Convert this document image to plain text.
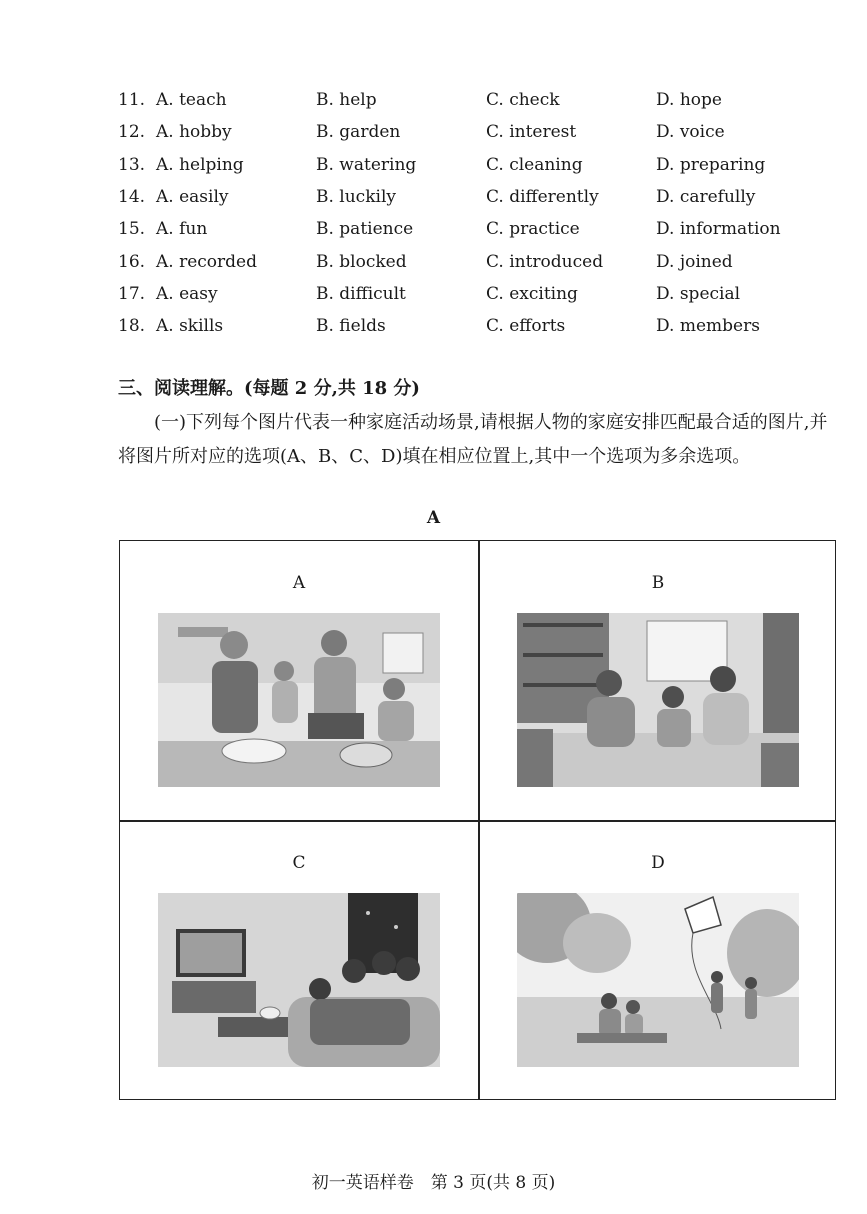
11. A. teach	B. help	C. check	D. hope
12. A. hobby	B. garden	C. interest	D. voice
13. A. helping	B. watering	C. cleaning	D. preparing
14. A. easily	B. luckily	C. differently	D. carefully
15. A. fun	B. patience	C. practice	D. information
16. A. recorded	B. blocked	C. introduced	D. joined
17. A. easy	B. difficult	C. exciting	D. special
18. A. skills	B. fields	C. efforts	D. members
三、阅读理解。(每题 2 分,共 18 分)
(一)下列每个图片代表一种家庭活动场景,请根据人物的家庭安排匹配最合适的图片,并将图片所对应的选项(A、B、C、D)填在相应位置上,其中一个选项为多余选项。
A
A	B
C	D
初一英语样卷　第 3 页(共 8 页)
